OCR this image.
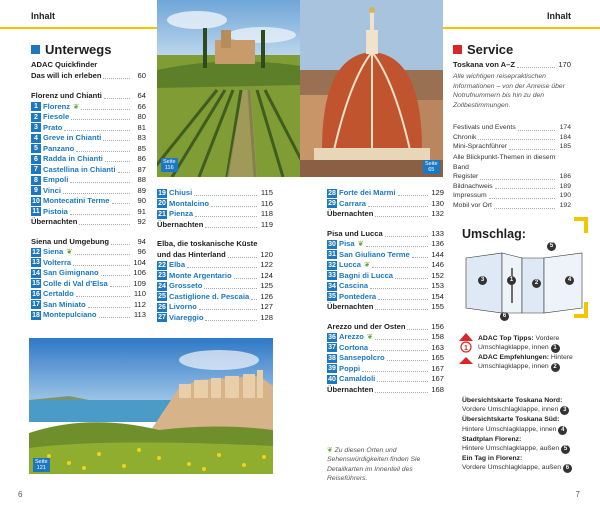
Inhalt	Inhalt
Seite
116
Seite
65
Seite
121
Unterwegs
ADAC Quickfinder
Das will ich erleben	60
Florenz und Chianti	64
1 Florenz ❦	66
2 Fiesole	80
3 Prato	81
4 Greve in Chianti	83
5 Panzano	85
6 Radda in Chianti	86
7 Castellina in Chianti	87
8 Empoli	88
9 Vinci	89
10 Montecatini Terme	90
11 Pistoia	91
Übernachten	92
Siena und Umgebung	94
12 Siena ❦	96
13 Volterra	104
14 San Gimignano	106
15 Colle di Val d'Elsa	109
16 Certaldo	110
17 San Miniato	112
18 Montepulciano	113
19 Chiusi	115
20 Montalcino	116
21 Pienza	118
Übernachten	119
Elba, die toskanische Küste
und das Hinterland	120
22 Elba	122
23 Monte Argentario	124
24 Grosseto	125
25 Castiglione d. Pescaia 126
26 Livorno	127
27 Viareggio	128
28 Forte dei Marmi	129
29 Carrara	130
Übernachten	132
Pisa und Lucca	133
30 Pisa ❦	136
31 San Giuliano Terme	144
32 Lucca ❦	146
33 Bagni di Lucca	152
34 Cascina	153
35 Pontedera	154
Übernachten	155
Arezzo und der Osten	156
36 Arezzo ❦	158
37 Cortona	163
38 Sansepolcro	165
39 Poppi	167
40 Camaldoli	167
Übernachten	168
❦ Zu diesen Orten und Sehenswürdigkeiten finden Sie Detailkarten im Innenteil des Reiseführers.
Service
Toskana von A–Z	170
Alle wichtigen reisepraktischen Informationen – von der Anreise über Notrufnummern bis hin zu den Zollbestimmungen.
Festivals und Events	174
Chronik	184
Mini-Sprachführer	185
Alle Blickpunkt-Themen in diesem Band
Register	186
Bildnachweis	189
Impressum	190
Mobil vor Ort	192
Umschlag:
3	1	2	4
5
6
1
ADAC Top Tipps: Vordere Umschlagklappe, innen 1
ADAC Empfehlungen: Hintere Umschlagklappe, innen 2
Übersichtskarte Toskana Nord:
Vordere Umschlagklappe, innen 3
Übersichtskarte Toskana Süd:
Hintere Umschlagklappe, innen 4
Stadtplan Florenz:
Hintere Umschlagklappe, außen 5
Ein Tag in Florenz:
Vordere Umschlagklappe, außen 6
6	7
